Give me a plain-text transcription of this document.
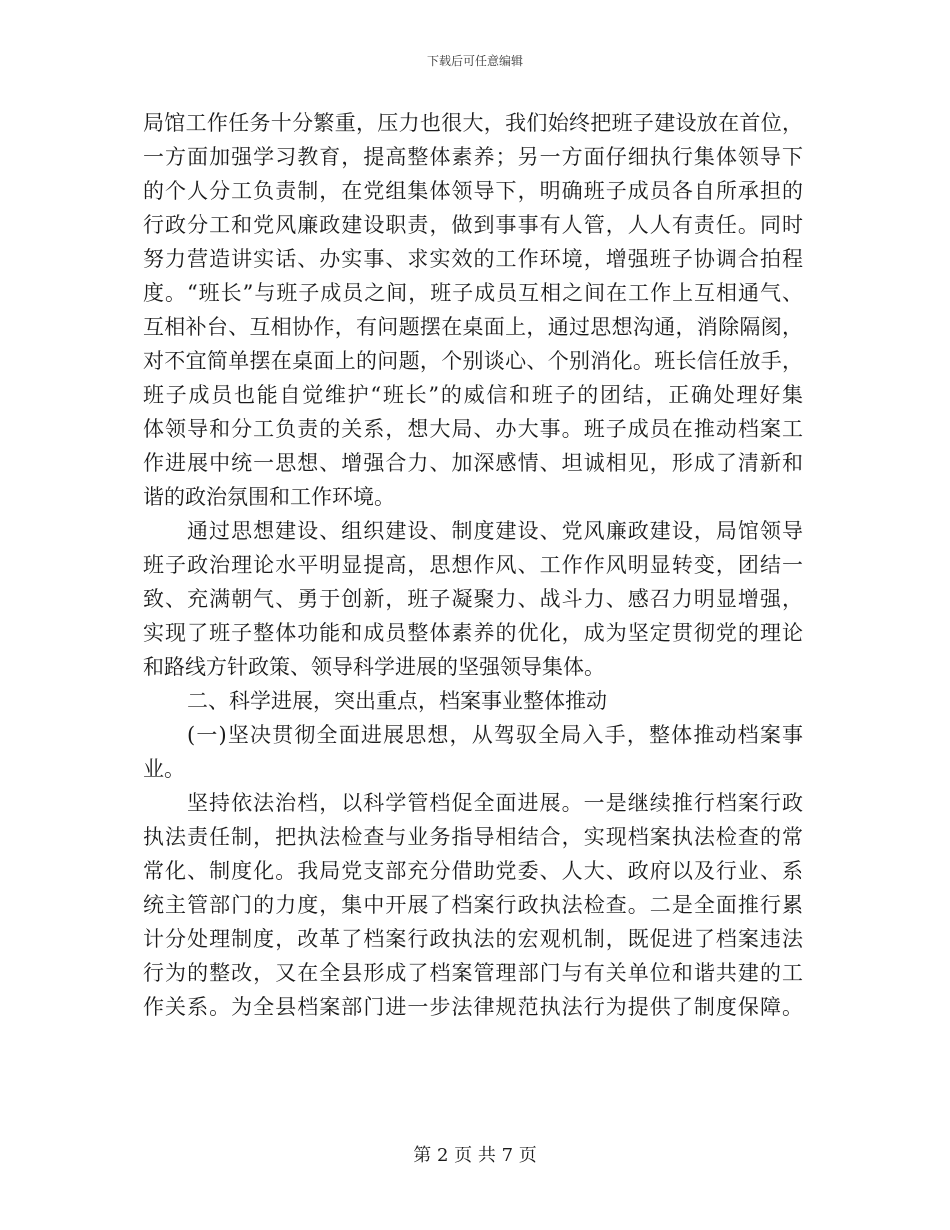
下载后可任意编辑
局馆工作任务十分繁重，压力也很大，我们始终把班子建设放在首位，
一方面加强学习教育，提高整体素养；另一方面仔细执行集体领导下
的个人分工负责制，在党组集体领导下，明确班子成员各自所承担的
行政分工和党风廉政建设职责，做到事事有人管，人人有责任。同时
努力营造讲实话、办实事、求实效的工作环境，增强班子协调合拍程
度。“班长”与班子成员之间，班子成员互相之间在工作上互相通气、
互相补台、互相协作，有问题摆在桌面上，通过思想沟通，消除隔阂，
对不宜简单摆在桌面上的问题，个别谈心、个别消化。班长信任放手，
班子成员也能自觉维护“班长”的威信和班子的团结，正确处理好集
体领导和分工负责的关系，想大局、办大事。班子成员在推动档案工
作进展中统一思想、增强合力、加深感情、坦诚相见，形成了清新和
谐的政治氛围和工作环境。
通过思想建设、组织建设、制度建设、党风廉政建设，局馆领导
班子政治理论水平明显提高，思想作风、工作作风明显转变，团结一
致、充满朝气、勇于创新，班子凝聚力、战斗力、感召力明显增强，
实现了班子整体功能和成员整体素养的优化，成为坚定贯彻党的理论
和路线方针政策、领导科学进展的坚强领导集体。
二、科学进展，突出重点，档案事业整体推动
(一)坚决贯彻全面进展思想，从驾驭全局入手，整体推动档案事
业。
坚持依法治档，以科学管档促全面进展。一是继续推行档案行政
执法责任制，把执法检查与业务指导相结合，实现档案执法检查的常
常化、制度化。我局党支部充分借助党委、人大、政府以及行业、系
统主管部门的力度，集中开展了档案行政执法检查。二是全面推行累
计分处理制度，改革了档案行政执法的宏观机制，既促进了档案违法
行为的整改，又在全县形成了档案管理部门与有关单位和谐共建的工
作关系。为全县档案部门进一步法律规范执法行为提供了制度保障。
第 2 页 共 7 页
